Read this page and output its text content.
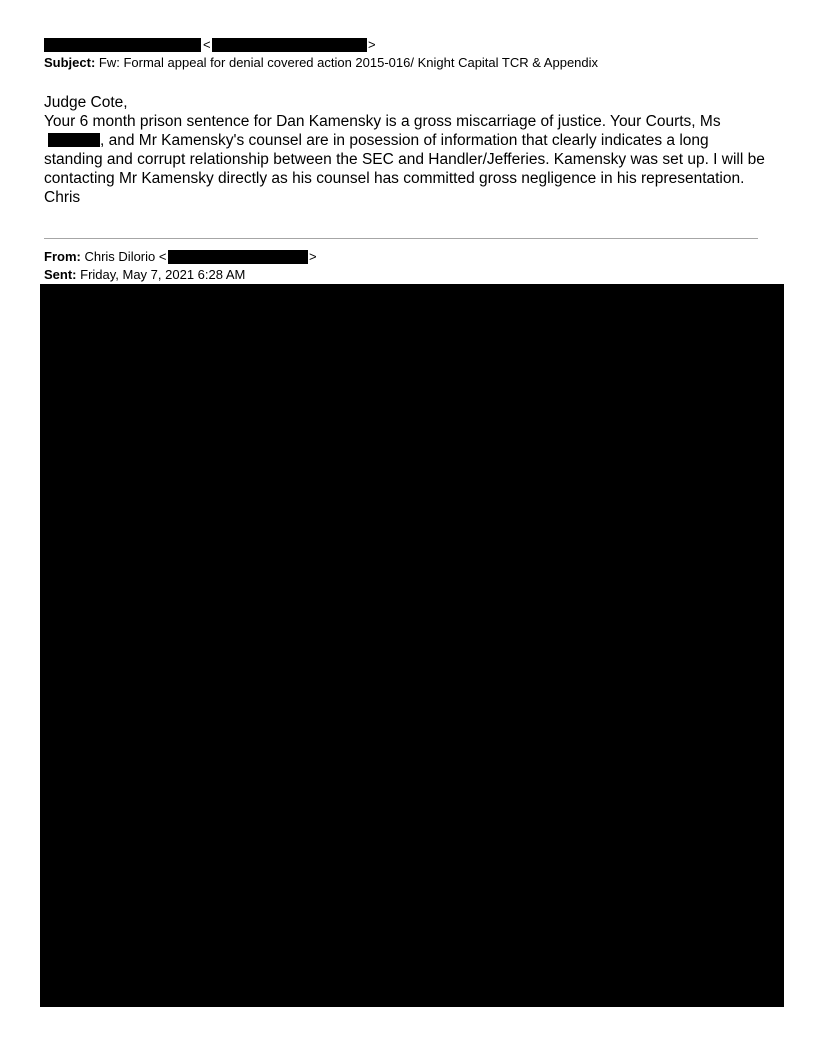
<	>
Subject: Fw: Formal appeal for denial covered action 2015-016/ Knight Capital TCR & Appendix

Judge Cote,

Your 6 month prison sentence for Dan Kamensky is a gross miscarriage of justice. Your Courts, Ms , and Mr Kamensky's counsel are in posession of information that clearly indicates a long standing and corrupt relationship between the SEC and Handler/Jefferies. Kamensky was set up. I will be contacting Mr Kamensky directly as his counsel has committed gross negligence in his representation.

Chris

From: Chris Dilorio <	>
Sent: Friday, May 7, 2021 6:28 AM
